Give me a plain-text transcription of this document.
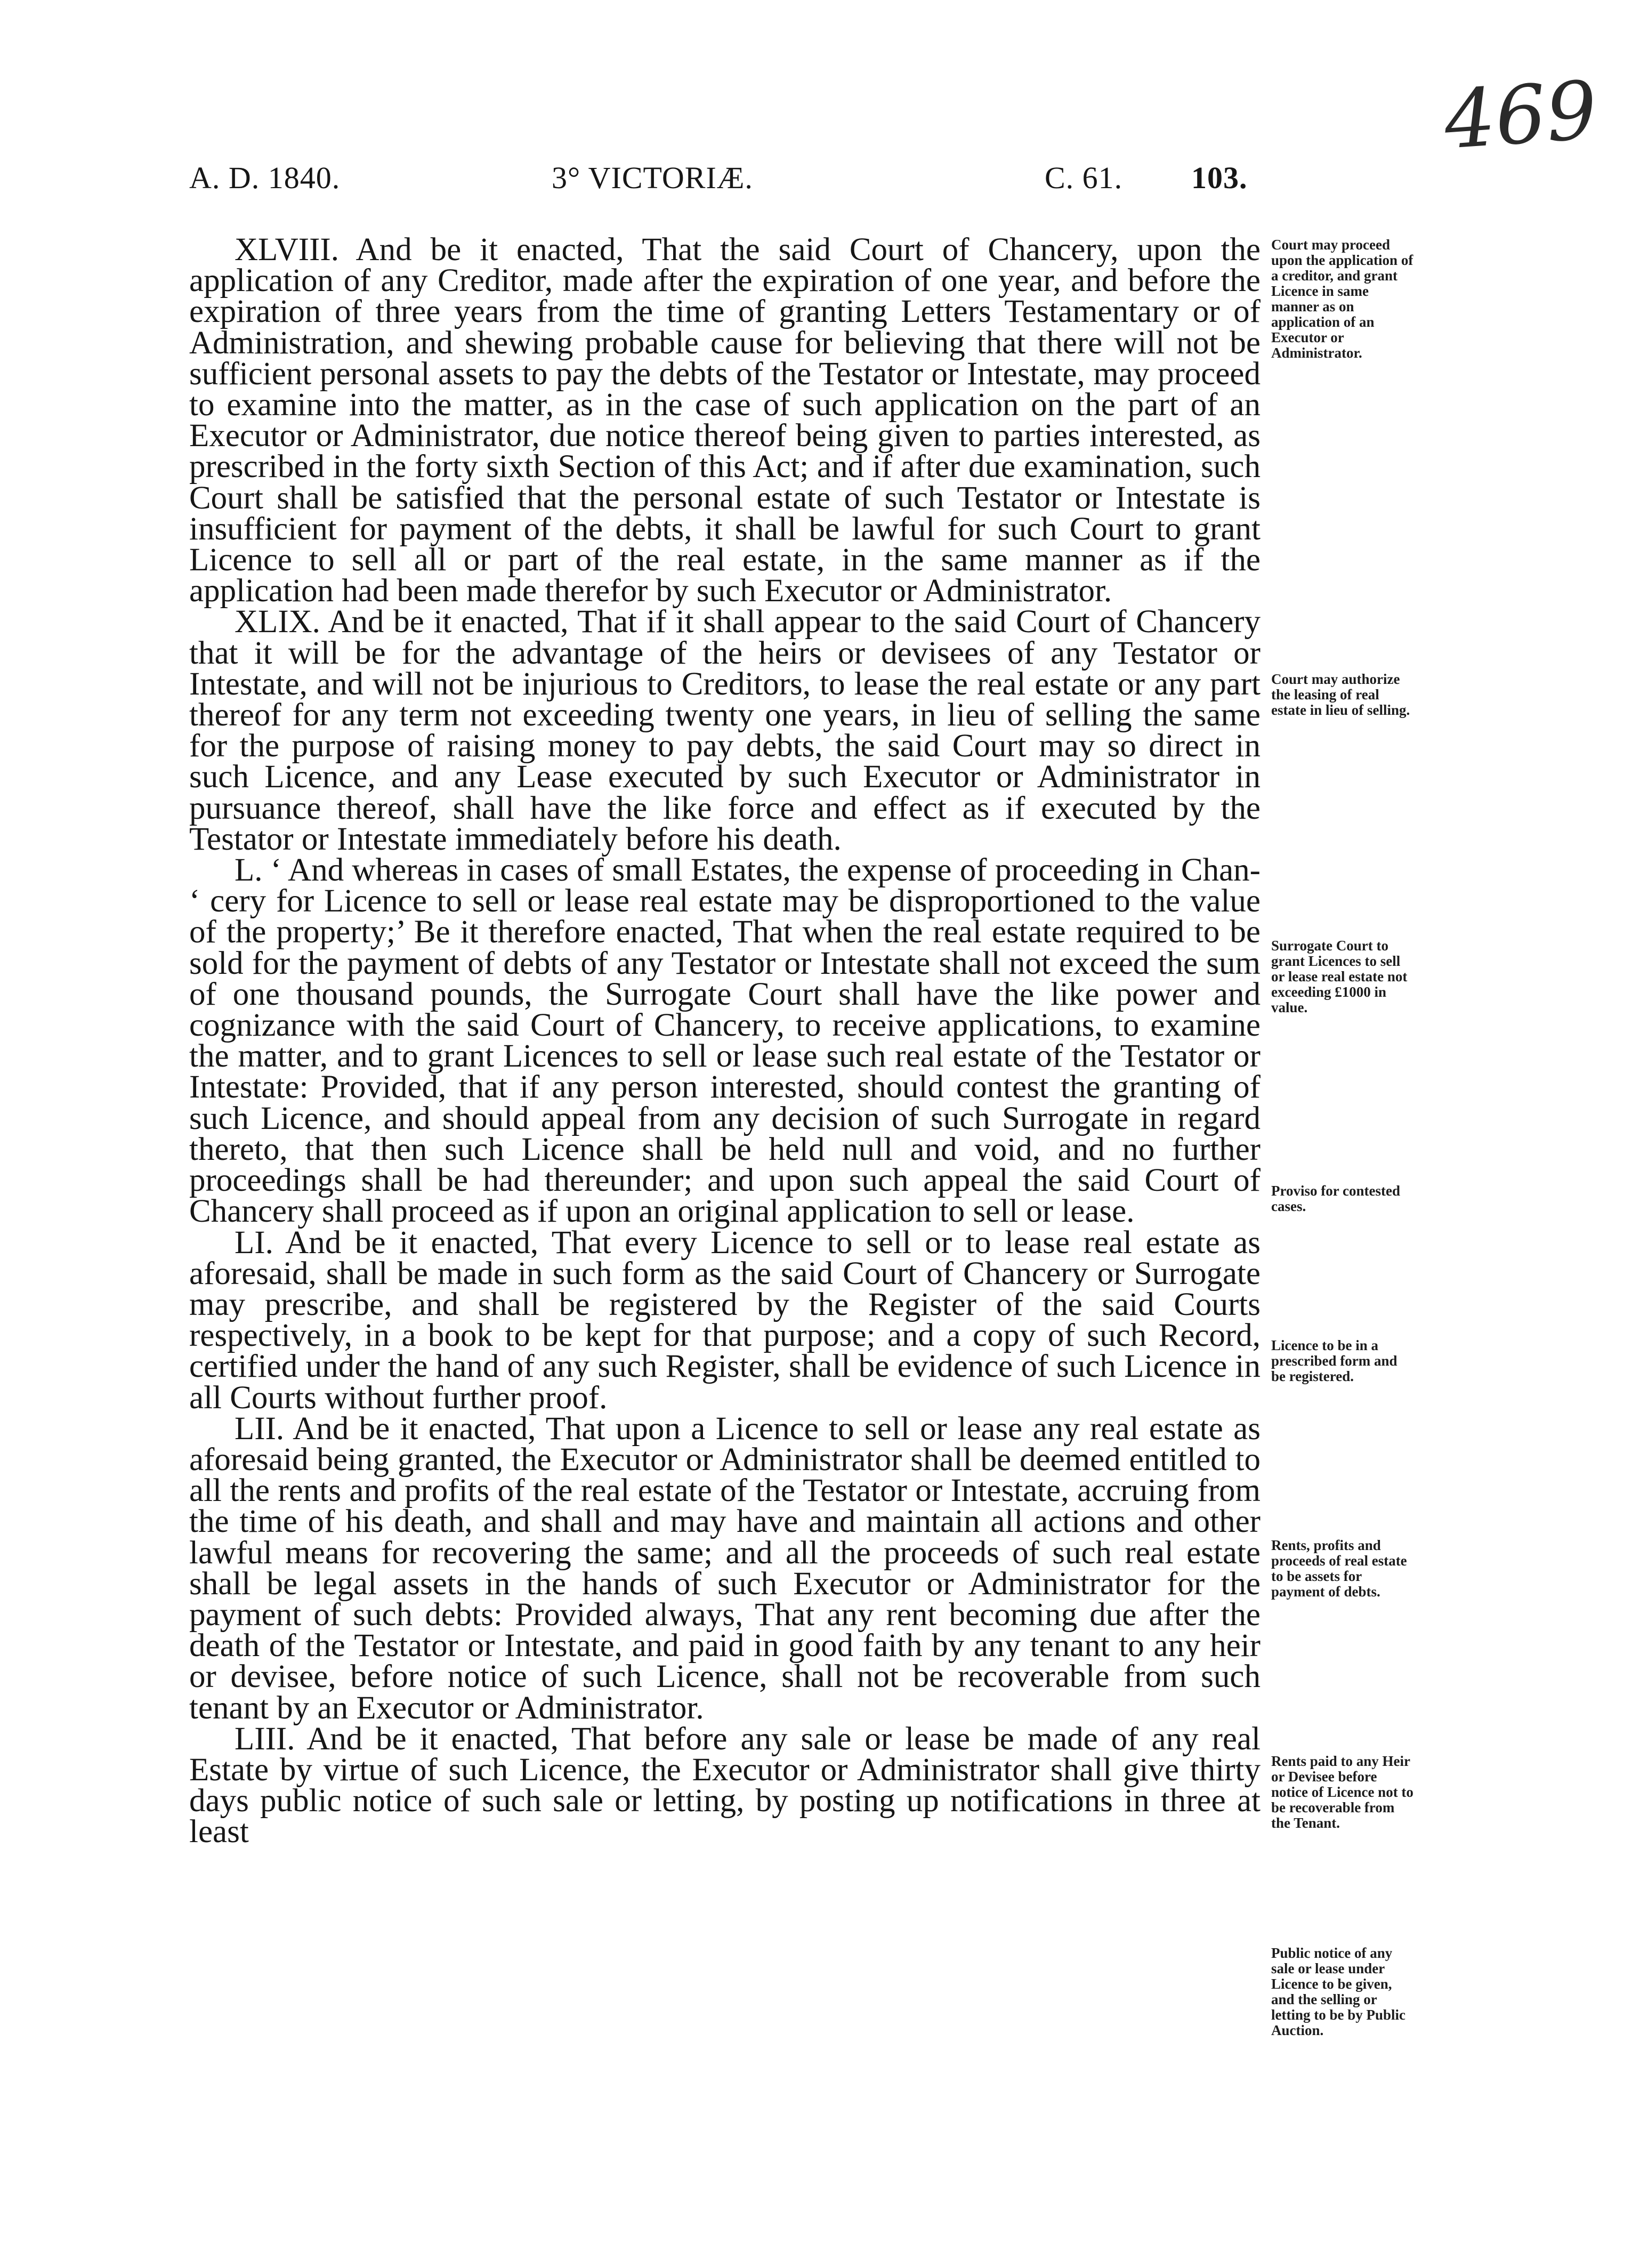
469
A. D. 1840.	3° VICTORIÆ.	C. 61. 103.

XLVIII. And be it enacted, That the said Court of Chancery, upon the application of any Creditor, made after the expiration of one year, and before the expiration of three years from the time of granting Letters Testamentary or of Administration, and shewing probable cause for believing that there will not be sufficient personal assets to pay the debts of the Testator or Intestate, may proceed to examine into the matter, as in the case of such application on the part of an Executor or Administrator, due notice thereof being given to parties interested, as prescribed in the forty sixth Section of this Act; and if after due examination, such Court shall be satisfied that the personal estate of such Testator or Intestate is insufficient for payment of the debts, it shall be lawful for such Court to grant Licence to sell all or part of the real estate, in the same manner as if the application had been made therefor by such Executor or Administrator.

XLIX. And be it enacted, That if it shall appear to the said Court of Chancery that it will be for the advantage of the heirs or devisees of any Testator or Intestate, and will not be injurious to Creditors, to lease the real estate or any part thereof for any term not exceeding twenty one years, in lieu of selling the same for the purpose of raising money to pay debts, the said Court may so direct in such Licence, and any Lease executed by such Executor or Administrator in pursuance thereof, shall have the like force and effect as if executed by the Testator or Intestate immediately before his death.

L. ‘ And whereas in cases of small Estates, the expense of proceeding in Chan- ‘ cery for Licence to sell or lease real estate may be disproportioned to the value of the property;’ Be it therefore enacted, That when the real estate required to be sold for the payment of debts of any Testator or Intestate shall not exceed the sum of one thousand pounds, the Surrogate Court shall have the like power and cognizance with the said Court of Chancery, to receive applications, to examine the matter, and to grant Licences to sell or lease such real estate of the Testator or Intestate: Provided, that if any person interested, should contest the granting of such Licence, and should appeal from any decision of such Surrogate in regard thereto, that then such Licence shall be held null and void, and no further proceedings shall be had thereunder; and upon such appeal the said Court of Chancery shall proceed as if upon an original application to sell or lease.

LI. And be it enacted, That every Licence to sell or to lease real estate as aforesaid, shall be made in such form as the said Court of Chancery or Surrogate may prescribe, and shall be registered by the Register of the said Courts respectively, in a book to be kept for that purpose; and a copy of such Record, certified under the hand of any such Register, shall be evidence of such Licence in all Courts without further proof.

LII. And be it enacted, That upon a Licence to sell or lease any real estate as aforesaid being granted, the Executor or Administrator shall be deemed entitled to all the rents and profits of the real estate of the Testator or Intestate, accruing from the time of his death, and shall and may have and maintain all actions and other lawful means for recovering the same; and all the proceeds of such real estate shall be legal assets in the hands of such Executor or Administrator for the payment of such debts: Provided always, That any rent becoming due after the death of the Testator or Intestate, and paid in good faith by any tenant to any heir or devisee, before notice of such Licence, shall not be recoverable from such tenant by an Executor or Administrator.

LIII. And be it enacted, That before any sale or lease be made of any real Estate by virtue of such Licence, the Executor or Administrator shall give thirty days public notice of such sale or letting, by posting up notifications in three at least

Court may proceed upon the application of a creditor, and grant Licence in same manner as on application of an Executor or Administrator.
Court may authorize the leasing of real estate in lieu of selling.
Surrogate Court to grant Licences to sell or lease real estate not exceeding £1000 in value.
Proviso for contested cases.
Licence to be in a prescribed form and be registered.
Rents, profits and proceeds of real estate to be assets for payment of debts.
Rents paid to any Heir or Devisee before notice of Licence not to be recoverable from the Tenant.
Public notice of any sale or lease under Licence to be given, and the selling or letting to be by Public Auction.
